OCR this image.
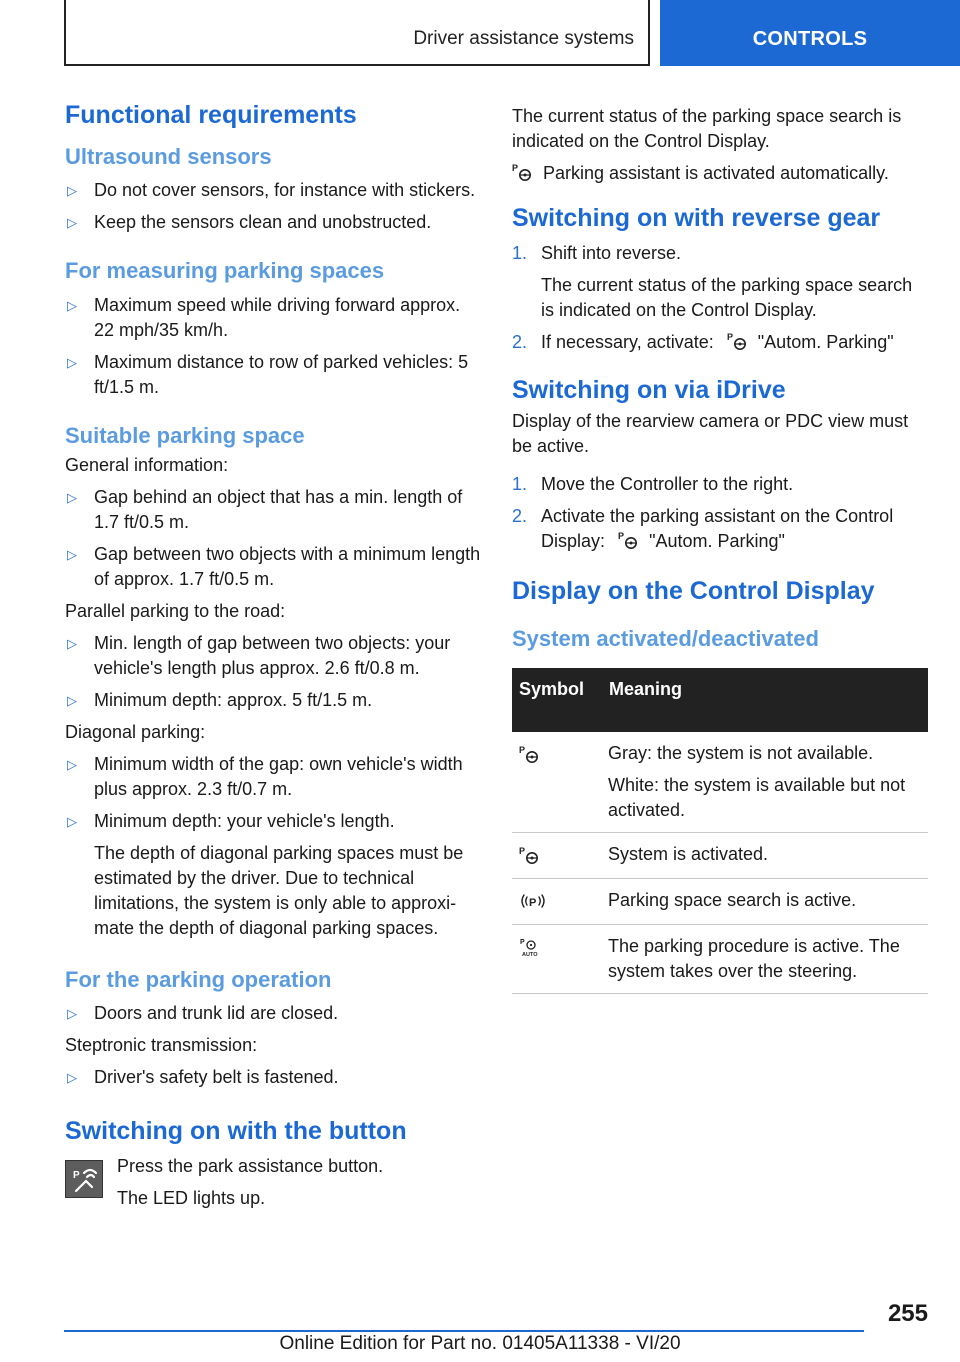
Driver assistance systems	CONTROLS
Functional requirements
Ultrasound sensors
▷ Do not cover sensors, for instance with stickers.
▷ Keep the sensors clean and unobstructed.
For measuring parking spaces
▷ Maximum speed while driving forward approx. 22 mph/35 km/h.
▷ Maximum distance to row of parked vehicles: 5 ft/1.5 m.
Suitable parking space
General information:
▷ Gap behind an object that has a min. length of 1.7 ft/0.5 m.
▷ Gap between two objects with a minimum length of approx. 1.7 ft/0.5 m.
Parallel parking to the road:
▷ Min. length of gap between two objects: your vehicle's length plus approx. 2.6 ft/0.8 m.
▷ Minimum depth: approx. 5 ft/1.5 m.
Diagonal parking:
▷ Minimum width of the gap: own vehicle's width plus approx. 2.3 ft/0.7 m.
▷ Minimum depth: your vehicle's length.
The depth of diagonal parking spaces must be estimated by the driver. Due to technical limitations, the system is only able to approximate the depth of diagonal parking spaces.
For the parking operation
▷ Doors and trunk lid are closed.
Steptronic transmission:
▷ Driver's safety belt is fastened.
Switching on with the button
P Press the park assistance button.
The LED lights up.
The current status of the parking space search is indicated on the Control Display.
P Parking assistant is activated automatically.
Switching on with reverse gear
1. Shift into reverse.
The current status of the parking space search is indicated on the Control Display.
2. If necessary, activate: P "Autom. Parking"
Switching on via iDrive
Display of the rearview camera or PDC view must be active.
1. Move the Controller to the right.
2. Activate the parking assistant on the Control Display: P "Autom. Parking"
Display on the Control Display
System activated/deactivated
Symbol	Meaning

P	Gray: the system is not available.

White: the system is available but not activated.

P	System is activated.

P	Parking space search is active.

P
AUTO	The parking procedure is active. The system takes over the steering.
255
Online Edition for Part no. 01405A11338 - VI/20
